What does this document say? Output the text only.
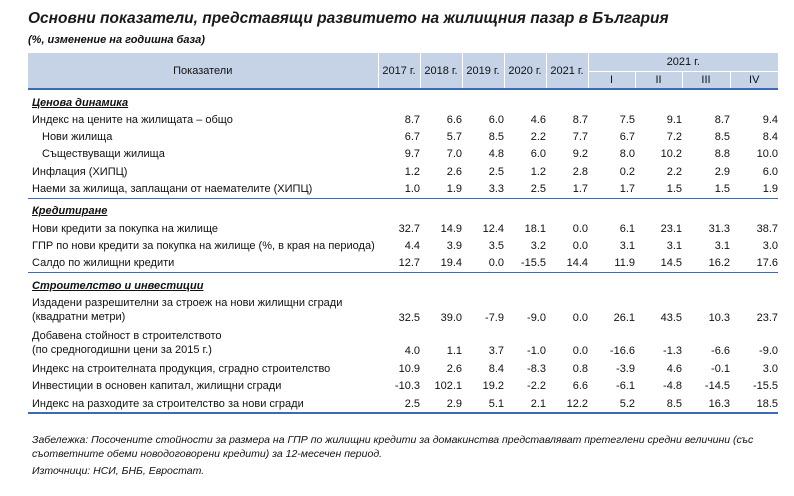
Основни показатели, представящи развитието на жилищния пазар в България
(%, изменение на годишна база)
Показатели	2017 г.	2018 г.	2019 г.	2020 г.	2021 г.	2021 г.			
						I	II	III	IV

Ценова динамика									
Индекс на цените на жилищата – общо	8.7	6.6	6.0	4.6	8.7	7.5	9.1	8.7	9.4
Нови жилища	6.7	5.7	8.5	2.2	7.7	6.7	7.2	8.5	8.4
Съществуващи жилища	9.7	7.0	4.8	6.0	9.2	8.0	10.2	8.8	10.0
Инфлация (ХИПЦ)	1.2	2.6	2.5	1.2	2.8	0.2	2.2	2.9	6.0
Наеми за жилища, заплащани от наемателите (ХИПЦ)	1.0	1.9	3.3	2.5	1.7	1.7	1.5	1.5	1.9
Кредитиране									
Нови кредити за покупка на жилище	32.7	14.9	12.4	18.1	0.0	6.1	23.1	31.3	38.7
ГПР по нови кредити за покупка на жилище (%, в края на периода)	4.4	3.9	3.5	3.2	0.0	3.1	3.1	3.1	3.0
Салдо по жилищни кредити	12.7	19.4	0.0	-15.5	14.4	11.9	14.5	16.2	17.6
Строителство и инвестиции									
Издадени разрешителни за строеж на нови жилищни сгради
(квадратни метри)	32.5	39.0	-7.9	-9.0	0.0	26.1	43.5	10.3	23.7
Добавена стойност в строителството
(по средногодишни цени за 2015 г.)	4.0	1.1	3.7	-1.0	0.0	-16.6	-1.3	-6.6	-9.0
Индекс на строителната продукция, сградно строителство	10.9	2.6	8.4	-8.3	0.8	-3.9	4.6	-0.1	3.0
Инвестиции в основен капитал, жилищни сгради	-10.3	102.1	19.2	-2.2	6.6	-6.1	-4.8	-14.5	-15.5
Индекс на разходите за строителство за нови сгради	2.5	2.9	5.1	2.1	12.2	5.2	8.5	16.3	18.5
Забележка: Посочените стойности за размера на ГПР по жилищни кредити за домакинства представляват претеглени средни величини (със съответните обеми новодоговорени кредити) за 12-месечен период.
Източници: НСИ, БНБ, Евростат.
